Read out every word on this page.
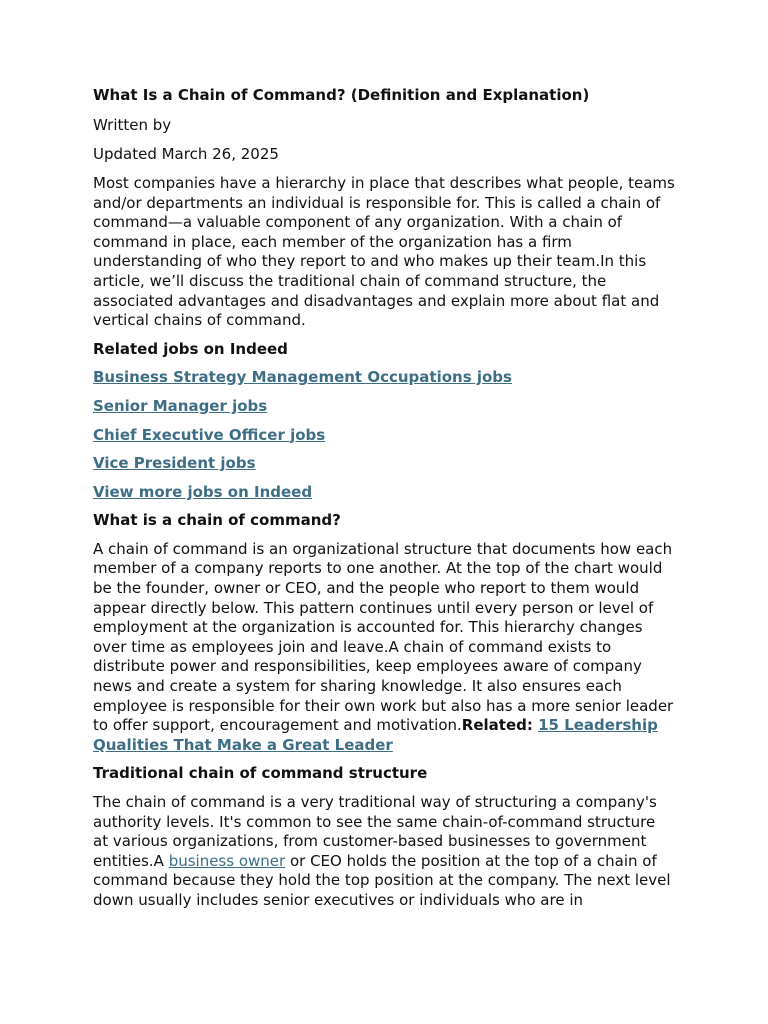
What Is a Chain of Command? (Definition and Explanation)

Written by

Updated March 26, 2025

Most companies have a hierarchy in place that describes what people, teams and/or departments an individual is responsible for. This is called a chain of command—a valuable component of any organization. With a chain of command in place, each member of the organization has a firm understanding of who they report to and who makes up their team.In this article, we’ll discuss the traditional chain of command structure, the associated advantages and disadvantages and explain more about flat and vertical chains of command.

Related jobs on Indeed

Business Strategy Management Occupations jobs

Senior Manager jobs

Chief Executive Officer jobs

Vice President jobs

View more jobs on Indeed

What is a chain of command?

A chain of command is an organizational structure that documents how each member of a company reports to one another. At the top of the chart would be the founder, owner or CEO, and the people who report to them would appear directly below. This pattern continues until every person or level of employment at the organization is accounted for. This hierarchy changes over time as employees join and leave.A chain of command exists to distribute power and responsibilities, keep employees aware of company news and create a system for sharing knowledge. It also ensures each employee is responsible for their own work but also has a more senior leader to offer support, encouragement and motivation.Related: 15 Leadership Qualities That Make a Great Leader

Traditional chain of command structure

The chain of command is a very traditional way of structuring a company's authority levels. It's common to see the same chain-of-command structure at various organizations, from customer-based businesses to government entities.A business owner or CEO holds the position at the top of a chain of command because they hold the top position at the company. The next level down usually includes senior executives or individuals who are in
